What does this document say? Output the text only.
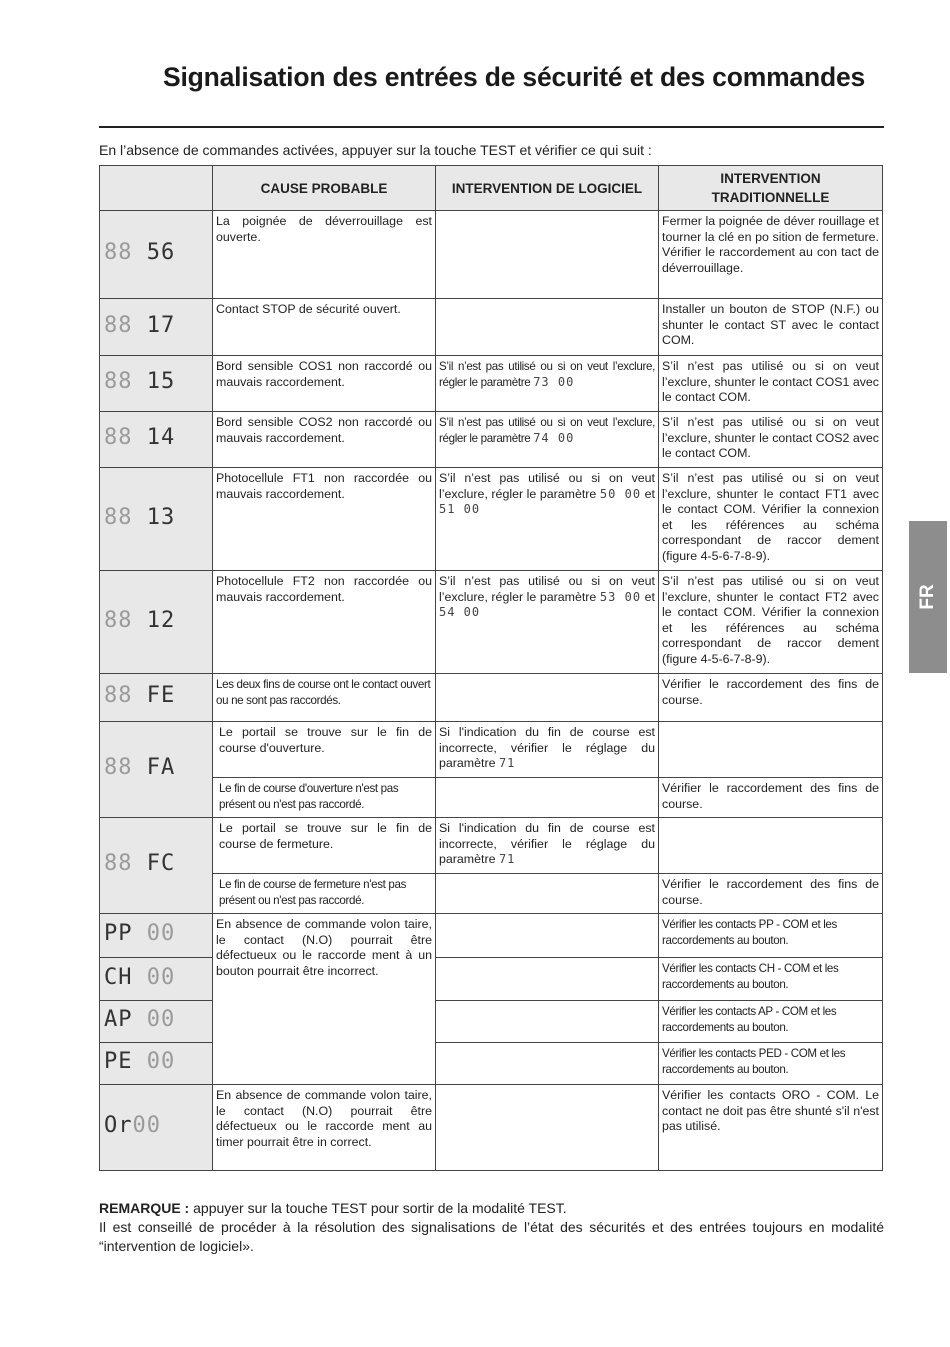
Signalisation des entrées de sécurité et des commandes
En l’absence de commandes activées, appuyer sur la touche TEST et vérifier ce qui suit :
	CAUSE PROBABLE	INTERVENTION DE LOGICIEL	INTERVENTION TRADITIONNELLE
88 56	La poignée de déverrouillage est ouverte.		Fermer la poignée de déver rouillage et tourner la clé en po sition de fermeture. Vérifier le raccordement au con tact de déverrouillage.
88 17	Contact STOP de sécurité ouvert.		Installer un bouton de STOP (N.F.) ou shunter le contact ST avec le contact COM.
88 15	Bord sensible COS1 non raccordé ou mauvais raccordement.	S’il n’est pas utilisé ou si on veut l’exclure, régler le paramètre 73 00	S’il n’est pas utilisé ou si on veut l’exclure, shunter le contact COS1 avec le contact COM.
88 14	Bord sensible COS2 non raccordé ou mauvais raccordement.	S’il n’est pas utilisé ou si on veut l’exclure, régler le paramètre 74 00	S’il n’est pas utilisé ou si on veut l’exclure, shunter le contact COS2 avec le contact COM.
88 13	Photocellule FT1 non raccordée ou mauvais raccordement.	S’il n’est pas utilisé ou si on veut l’exclure, régler le paramètre 50 00 et 51 00	S’il n’est pas utilisé ou si on veut l’exclure, shunter le contact FT1 avec le contact COM. Vérifier la connexion et les références au schéma correspondant de raccor dement (figure 4-5-6-7-8-9).
88 12	Photocellule FT2 non raccordée ou mauvais raccordement.	S’il n’est pas utilisé ou si on veut l’exclure, régler le paramètre 53 00 et 54 00	S’il n’est pas utilisé ou si on veut l’exclure, shunter le contact FT2 avec le contact COM. Vérifier la connexion et les références au schéma correspondant de raccor dement (figure 4-5-6-7-8-9).
88 FE	Les deux fins de course ont le contact ouvert ou ne sont pas raccordés.		Vérifier le raccordement des fins de course.
88 FA	Le portail se trouve sur le fin de course d'ouverture.	Si l'indication du fin de course est incorrecte, vérifier le réglage du paramètre 71	
	Le fin de course d'ouverture n'est pas présent ou n'est pas raccordé.		Vérifier le raccordement des fins de course.
88 FC	Le portail se trouve sur le fin de course de fermeture.	Si l'indication du fin de course est incorrecte, vérifier le réglage du paramètre 71	
	Le fin de course de fermeture n'est pas présent ou n'est pas raccordé.		Vérifier le raccordement des fins de course.
PP 00	En absence de commande volon taire, le contact (N.O) pourrait être défectueux ou le raccorde ment à un bouton pourrait être incorrect.		Vérifier les contacts PP - COM et les raccordements au bouton.
CH 00			Vérifier les contacts CH - COM et les raccordements au bouton.
AP 00			Vérifier les contacts AP - COM et les raccordements au bouton.
PE 00			Vérifier les contacts PED - COM et les raccordements au bouton.
Or00	En absence de commande volon taire, le contact (N.O) pourrait être défectueux ou le raccorde ment au timer pourrait être in correct.		Vérifier les contacts ORO - COM. Le contact ne doit pas être shunté s'il n'est pas utilisé.
FR
REMARQUE : appuyer sur la touche TEST pour sortir de la modalité TEST.
Il est conseillé de procéder à la résolution des signalisations de l’état des sécurités et des entrées toujours en modalité “intervention de logiciel».
